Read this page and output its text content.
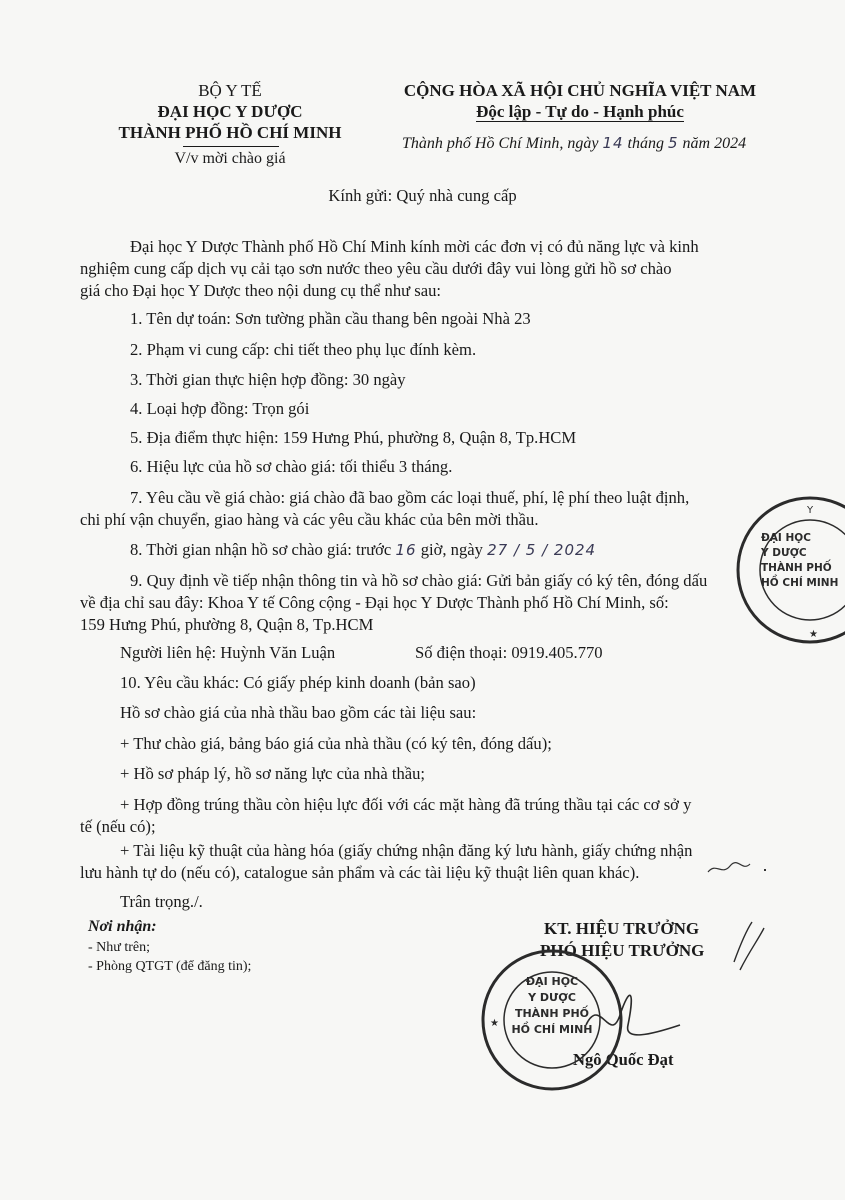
BỘ Y TẾ
ĐẠI HỌC Y DƯỢC
THÀNH PHỐ HỒ CHÍ MINH
V/v mời chào giá
CỘNG HÒA XÃ HỘI CHỦ NGHĨA VIỆT NAM
Độc lập - Tự do - Hạnh phúc
Thành phố Hồ Chí Minh, ngày 14 tháng 5 năm 2024
Kính gửi: Quý nhà cung cấp
Đại học Y Dược Thành phố Hồ Chí Minh kính mời các đơn vị có đủ năng lực và kinh
nghiệm cung cấp dịch vụ cải tạo sơn nước theo yêu cầu dưới đây vui lòng gửi hồ sơ chào
giá cho Đại học Y Dược theo nội dung cụ thể như sau:
1. Tên dự toán: Sơn tường phần cầu thang bên ngoài Nhà 23
2. Phạm vi cung cấp: chi tiết theo phụ lục đính kèm.
3. Thời gian thực hiện hợp đồng: 30 ngày
4. Loại hợp đồng: Trọn gói
5. Địa điểm thực hiện: 159 Hưng Phú, phường 8, Quận 8, Tp.HCM
6. Hiệu lực của hồ sơ chào giá: tối thiểu 3 tháng.
7. Yêu cầu về giá chào: giá chào đã bao gồm các loại thuế, phí, lệ phí theo luật định,
chi phí vận chuyển, giao hàng và các yêu cầu khác của bên mời thầu.
8. Thời gian nhận hồ sơ chào giá: trước 16 giờ, ngày 27 / 5 / 2024
9. Quy định về tiếp nhận thông tin và hồ sơ chào giá: Gửi bản giấy có ký tên, đóng dấu
về địa chỉ sau đây: Khoa Y tế Công cộng - Đại học Y Dược Thành phố Hồ Chí Minh, số:
159 Hưng Phú, phường 8, Quận 8, Tp.HCM
Người liên hệ: Huỳnh Văn Luận	Số điện thoại: 0919.405.770
10. Yêu cầu khác: Có giấy phép kinh doanh (bản sao)
Hồ sơ chào giá của nhà thầu bao gồm các tài liệu sau:
+ Thư chào giá, bảng báo giá của nhà thầu (có ký tên, đóng dấu);
+ Hồ sơ pháp lý, hồ sơ năng lực của nhà thầu;
+ Hợp đồng trúng thầu còn hiệu lực đối với các mặt hàng đã trúng thầu tại các cơ sở y
tế (nếu có);
+ Tài liệu kỹ thuật của hàng hóa (giấy chứng nhận đăng ký lưu hành, giấy chứng nhận
lưu hành tự do (nếu có), catalogue sản phẩm và các tài liệu kỹ thuật liên quan khác).
Trân trọng./.
Nơi nhận:
- Như trên;
- Phòng QTGT (để đăng tin);
KT. HIỆU TRƯỞNG
PHÓ HIỆU TRƯỞNG
Ngô Quốc Đạt
★
ĐẠI HỌC
Y DƯỢC
THÀNH PHỐ
HỒ CHÍ MINH
Y
★
ĐẠI HỌC
Y DƯỢC
THÀNH PHỐ
HỒ CHÍ MINH
